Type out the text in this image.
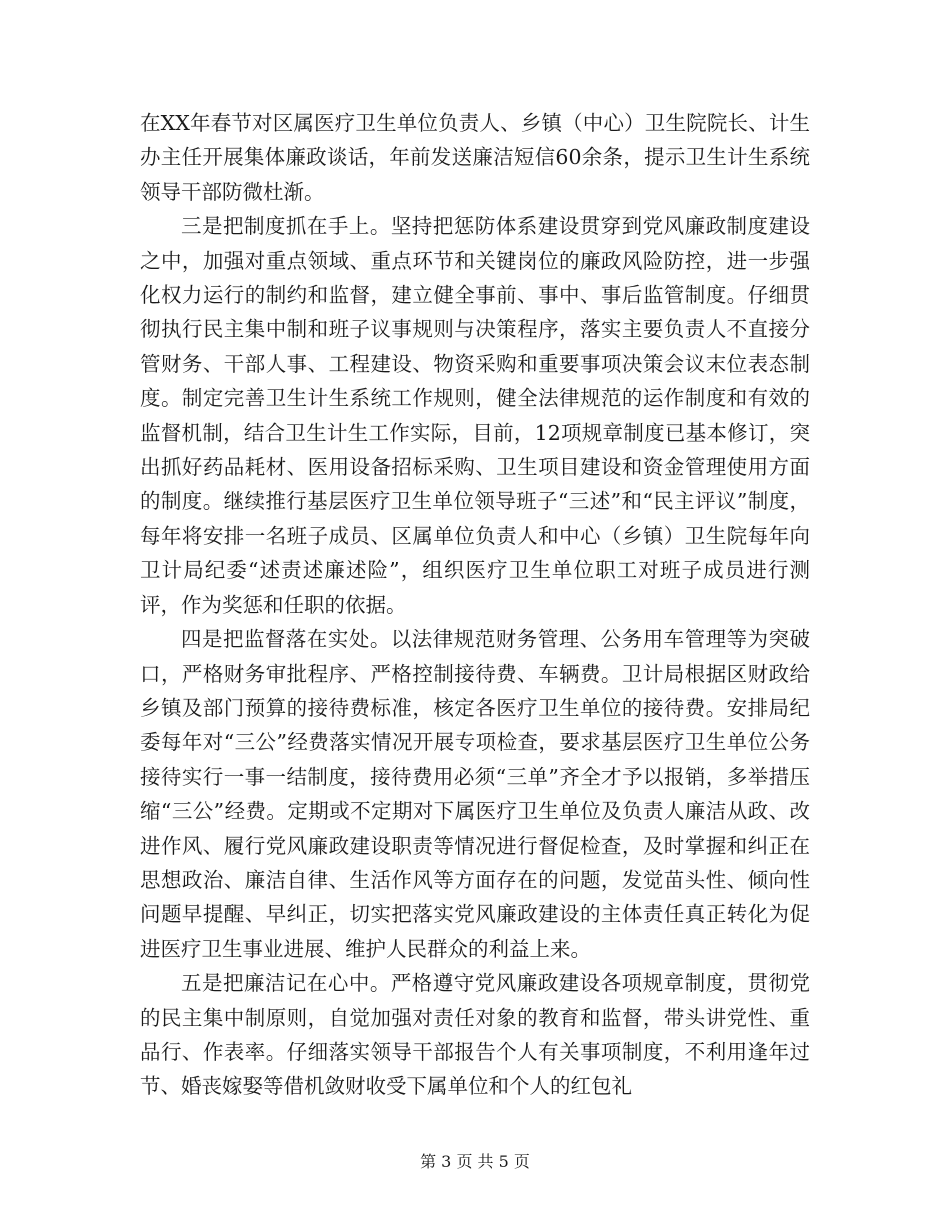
在XX年春节对区属医疗卫生单位负责人、乡镇（中心）卫生院院长、计生办主任开展集体廉政谈话，年前发送廉洁短信60余条，提示卫生计生系统领导干部防微杜渐。

三是把制度抓在手上。坚持把惩防体系建设贯穿到党风廉政制度建设之中，加强对重点领域、重点环节和关键岗位的廉政风险防控，进一步强化权力运行的制约和监督，建立健全事前、事中、事后监管制度。仔细贯彻执行民主集中制和班子议事规则与决策程序，落实主要负责人不直接分管财务、干部人事、工程建设、物资采购和重要事项决策会议末位表态制度。制定完善卫生计生系统工作规则，健全法律规范的运作制度和有效的监督机制，结合卫生计生工作实际，目前，12项规章制度已基本修订，突出抓好药品耗材、医用设备招标采购、卫生项目建设和资金管理使用方面的制度。继续推行基层医疗卫生单位领导班子“三述”和“民主评议”制度，每年将安排一名班子成员、区属单位负责人和中心（乡镇）卫生院每年向卫计局纪委“述责述廉述险”，组织医疗卫生单位职工对班子成员进行测评，作为奖惩和任职的依据。

四是把监督落在实处。以法律规范财务管理、公务用车管理等为突破口，严格财务审批程序、严格控制接待费、车辆费。卫计局根据区财政给乡镇及部门预算的接待费标准，核定各医疗卫生单位的接待费。安排局纪委每年对“三公”经费落实情况开展专项检查，要求基层医疗卫生单位公务接待实行一事一结制度，接待费用必须“三单”齐全才予以报销，多举措压缩“三公”经费。定期或不定期对下属医疗卫生单位及负责人廉洁从政、改进作风、履行党风廉政建设职责等情况进行督促检查，及时掌握和纠正在思想政治、廉洁自律、生活作风等方面存在的问题，发觉苗头性、倾向性问题早提醒、早纠正，切实把落实党风廉政建设的主体责任真正转化为促进医疗卫生事业进展、维护人民群众的利益上来。

五是把廉洁记在心中。严格遵守党风廉政建设各项规章制度，贯彻党的民主集中制原则，自觉加强对责任对象的教育和监督，带头讲党性、重品行、作表率。仔细落实领导干部报告个人有关事项制度，不利用逢年过节、婚丧嫁娶等借机敛财收受下属单位和个人的红包礼

第 3 页 共 5 页
